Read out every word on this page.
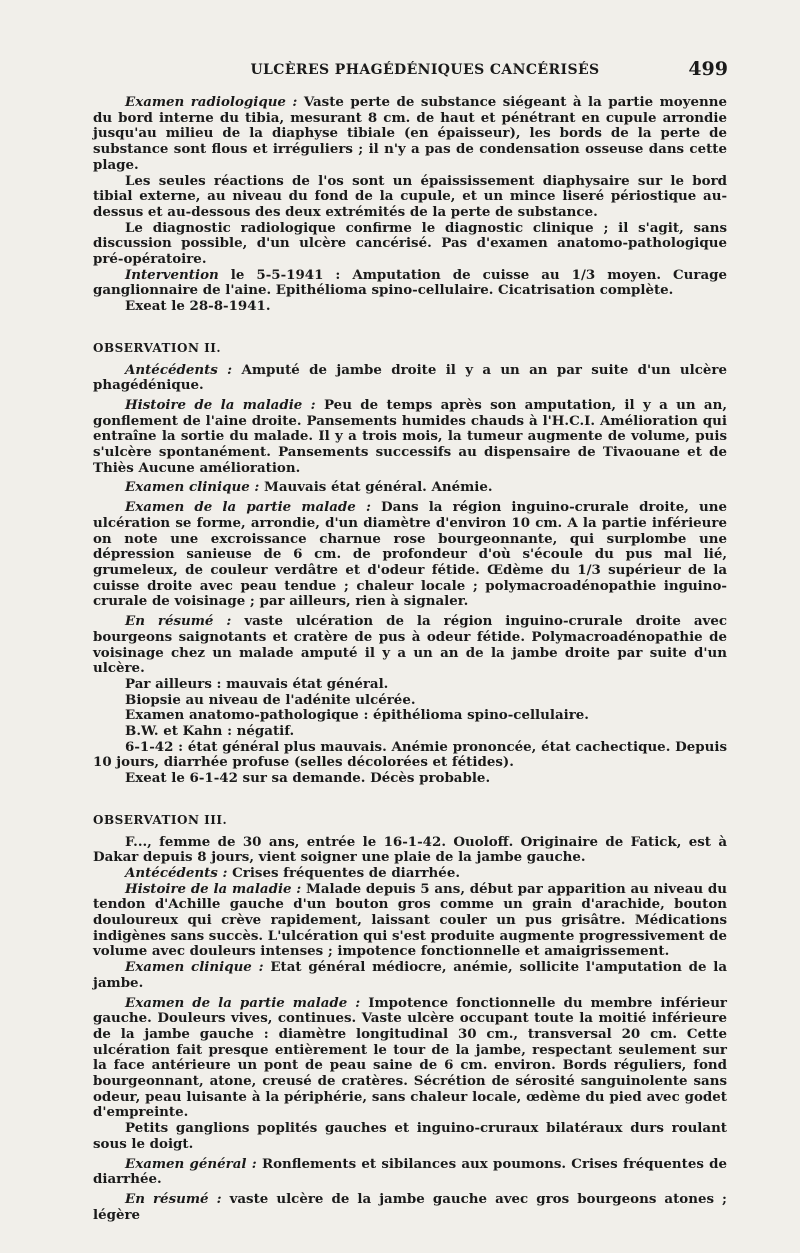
ULCÈRES PHAGÉDÉNIQUES CANCÉRISÉS	499

Examen radiologique : Vaste perte de substance siégeant à la partie moyenne du bord interne du tibia, mesurant 8 cm. de haut et pénétrant en cupule arrondie jusqu'au milieu de la diaphyse tibiale (en épaisseur), les bords de la perte de substance sont flous et irréguliers ; il n'y a pas de condensation osseuse dans cette plage.

Les seules réactions de l'os sont un épaississement diaphysaire sur le bord tibial externe, au niveau du fond de la cupule, et un mince liseré périostique au-dessus et au-dessous des deux extrémités de la perte de substance.

Le diagnostic radiologique confirme le diagnostic clinique ; il s'agit, sans discussion possible, d'un ulcère cancérisé. Pas d'examen anatomo-pathologique pré-opératoire.

Intervention le 5-5-1941 : Amputation de cuisse au 1/3 moyen. Curage ganglionnaire de l'aine. Epithélioma spino-cellulaire. Cicatrisation complète.

Exeat le 28-8-1941.

OBSERVATION II.

Antécédents : Amputé de jambe droite il y a un an par suite d'un ulcère phagédénique.

Histoire de la maladie : Peu de temps après son amputation, il y a un an, gonflement de l'aine droite. Pansements humides chauds à l'H.C.I. Amélioration qui entraîne la sortie du malade. Il y a trois mois, la tumeur augmente de volume, puis s'ulcère spontanément. Pansements successifs au dispensaire de Tivaouane et de Thiès Aucune amélioration.

Examen clinique : Mauvais état général. Anémie.

Examen de la partie malade : Dans la région inguino-crurale droite, une ulcération se forme, arrondie, d'un diamètre d'environ 10 cm. A la partie inférieure on note une excroissance charnue rose bourgeonnante, qui surplombe une dépression sanieuse de 6 cm. de profondeur d'où s'écoule du pus mal lié, grumeleux, de couleur verdâtre et d'odeur fétide. Œdème du 1/3 supérieur de la cuisse droite avec peau tendue ; chaleur locale ; polymacroadénopathie inguino-crurale de voisinage ; par ailleurs, rien à signaler.

En résumé : vaste ulcération de la région inguino-crurale droite avec bourgeons saignotants et cratère de pus à odeur fétide. Polymacroadénopathie de voisinage chez un malade amputé il y a un an de la jambe droite par suite d'un ulcère.

Par ailleurs : mauvais état général.

Biopsie au niveau de l'adénite ulcérée.

Examen anatomo-pathologique : épithélioma spino-cellulaire.

B.W. et Kahn : négatif.

6-1-42 : état général plus mauvais. Anémie prononcée, état cachectique. Depuis 10 jours, diarrhée profuse (selles décolorées et fétides).

Exeat le 6-1-42 sur sa demande. Décès probable.

OBSERVATION III.

F..., femme de 30 ans, entrée le 16-1-42. Ouoloff. Originaire de Fatick, est à Dakar depuis 8 jours, vient soigner une plaie de la jambe gauche.

Antécédents : Crises fréquentes de diarrhée.

Histoire de la maladie : Malade depuis 5 ans, début par apparition au niveau du tendon d'Achille gauche d'un bouton gros comme un grain d'arachide, bouton douloureux qui crève rapidement, laissant couler un pus grisâtre. Médications indigènes sans succès. L'ulcération qui s'est produite augmente progressivement de volume avec douleurs intenses ; impotence fonctionnelle et amaigrissement.

Examen clinique : Etat général médiocre, anémie, sollicite l'amputation de la jambe.

Examen de la partie malade : Impotence fonctionnelle du membre inférieur gauche. Douleurs vives, continues. Vaste ulcère occupant toute la moitié inférieure de la jambe gauche : diamètre longitudinal 30 cm., transversal 20 cm. Cette ulcération fait presque entièrement le tour de la jambe, respectant seulement sur la face antérieure un pont de peau saine de 6 cm. environ. Bords réguliers, fond bourgeonnant, atone, creusé de cratères. Sécrétion de sérosité sanguinolente sans odeur, peau luisante à la périphérie, sans chaleur locale, œdème du pied avec godet d'empreinte.

Petits ganglions poplités gauches et inguino-cruraux bilatéraux durs roulant sous le doigt.

Examen général : Ronflements et sibilances aux poumons. Crises fréquentes de diarrhée.

En résumé : vaste ulcère de la jambe gauche avec gros bourgeons atones ; légère
